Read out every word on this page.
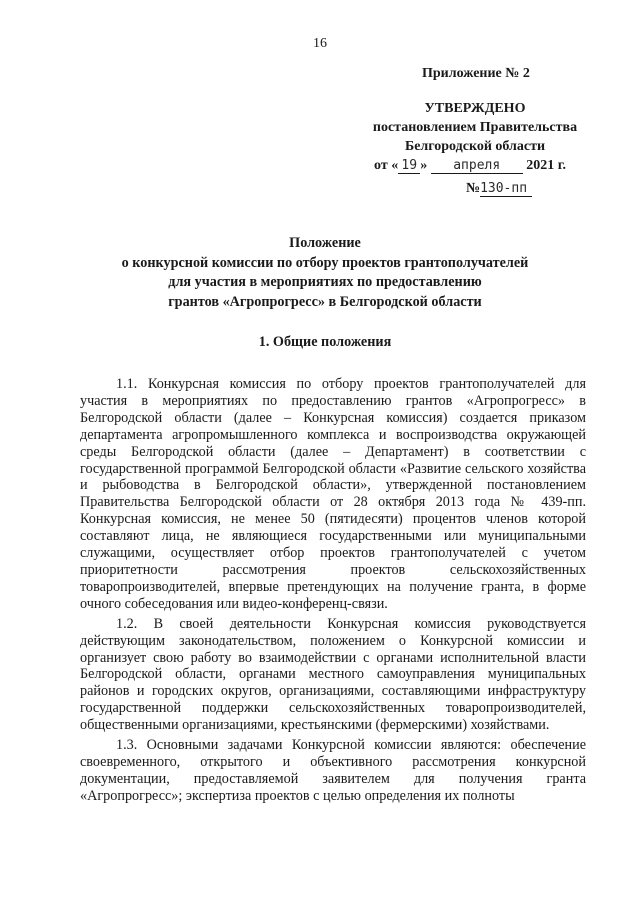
16
Приложение № 2
УТВЕРЖДЕНО
постановлением Правительства
Белгородской области
от « 19 » апреля 2021 г.
№130-пп
Положение
о конкурсной комиссии по отбору проектов грантополучателей
для участия в мероприятиях по предоставлению
грантов «Агропрогресс» в Белгородской области
1. Общие положения

1.1. Конкурсная комиссия по отбору проектов грантополучателей для участия в мероприятиях по предоставлению грантов «Агропрогресс» в Белгородской области (далее – Конкурсная комиссия) создается приказом департамента агропромышленного комплекса и воспроизводства окружающей среды Белгородской области (далее – Департамент) в соответствии с государственной программой Белгородской области «Развитие сельского хозяйства и рыбоводства в Белгородской области», утвержденной постановлением Правительства Белгородской области от 28 октября 2013 года № 439-пп. Конкурсная комиссия, не менее 50 (пятидесяти) процентов членов которой составляют лица, не являющиеся государственными или муниципальными служащими, осуществляет отбор проектов грантополучателей с учетом приоритетности рассмотрения проектов сельскохозяйственных товаропроизводителей, впервые претендующих на получение гранта, в форме очного собеседования или видео-конференц-связи.

1.2. В своей деятельности Конкурсная комиссия руководствуется действующим законодательством, положением о Конкурсной комиссии и организует свою работу во взаимодействии с органами исполнительной власти Белгородской области, органами местного самоуправления муниципальных районов и городских округов, организациями, составляющими инфраструктуру государственной поддержки сельскохозяйственных товаропроизводителей, общественными организациями, крестьянскими (фермерскими) хозяйствами.

1.3. Основными задачами Конкурсной комиссии являются: обеспечение своевременного, открытого и объективного рассмотрения конкурсной документации, предоставляемой заявителем для получения гранта «Агропрогресс»; экспертиза проектов с целью определения их полноты
